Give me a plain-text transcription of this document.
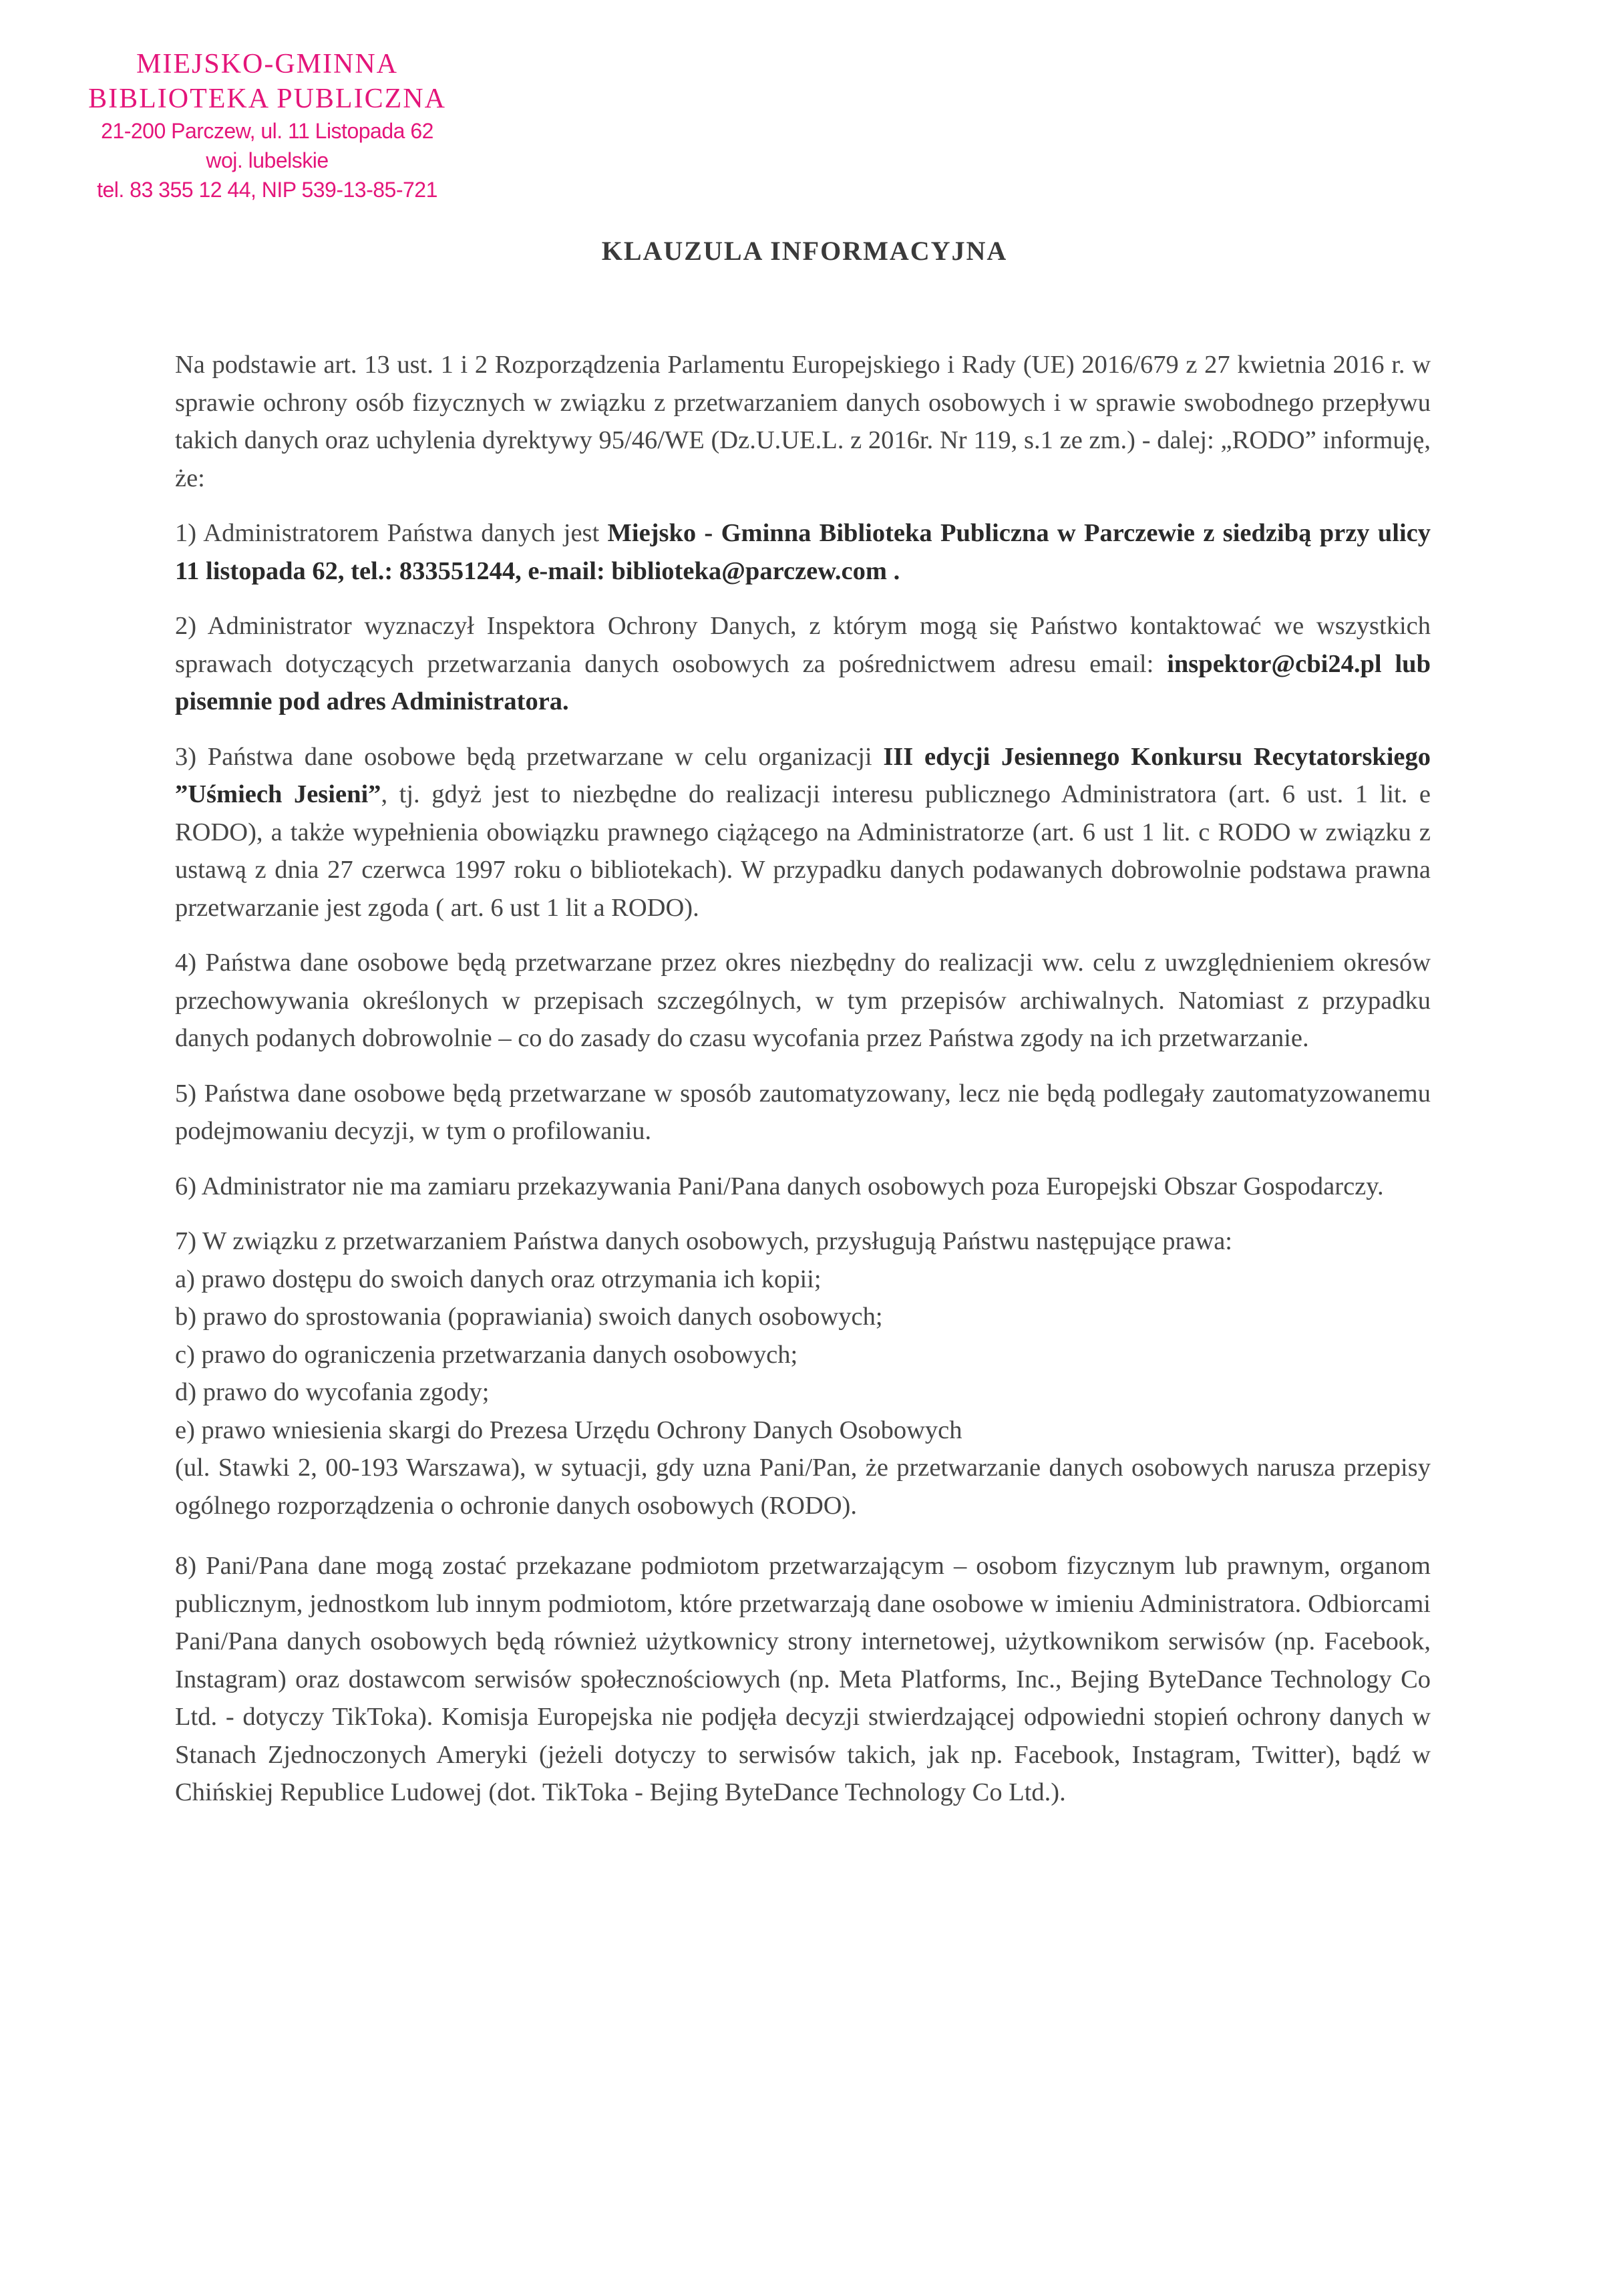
MIEJSKO-GMINNA

BIBLIOTEKA PUBLICZNA

21-200 Parczew, ul. 11 Listopada 62

woj. lubelskie

tel. 83 355 12 44, NIP 539-13-85-721

KLAUZULA INFORMACYJNA

Na podstawie art. 13 ust. 1 i 2 Rozporządzenia Parlamentu Europejskiego i Rady (UE) 2016/679 z 27 kwietnia 2016 r. w sprawie ochrony osób fizycznych w związku z przetwarzaniem danych osobowych i w sprawie swobodnego przepływu takich danych oraz uchylenia dyrektywy 95/46/WE (Dz.U.UE.L. z 2016r. Nr 119, s.1 ze zm.) - dalej: „RODO” informuję, że:

1) Administratorem Państwa danych jest Miejsko - Gminna Biblioteka Publiczna w Parczewie z siedzibą przy ulicy 11 listopada 62, tel.: 833551244, e-mail: biblioteka@parczew.com .

2) Administrator wyznaczył Inspektora Ochrony Danych, z którym mogą się Państwo kontaktować we wszystkich sprawach dotyczących przetwarzania danych osobowych za pośrednictwem adresu email: inspektor@cbi24.pl lub pisemnie pod adres Administratora.

3) Państwa dane osobowe będą przetwarzane w celu organizacji III edycji Jesiennego Konkursu Recytatorskiego ”Uśmiech Jesieni”, tj. gdyż jest to niezbędne do realizacji interesu publicznego Administratora (art. 6 ust. 1 lit. e RODO), a także wypełnienia obowiązku prawnego ciążącego na Administratorze (art. 6 ust 1 lit. c RODO w związku z ustawą z dnia 27 czerwca 1997 roku o bibliotekach). W przypadku danych podawanych dobrowolnie podstawa prawna przetwarzanie jest zgoda ( art. 6 ust 1 lit a RODO).

4) Państwa dane osobowe będą przetwarzane przez okres niezbędny do realizacji ww. celu z uwzględnieniem okresów przechowywania określonych w przepisach szczególnych, w tym przepisów archiwalnych. Natomiast z przypadku danych podanych dobrowolnie – co do zasady do czasu wycofania przez Państwa zgody na ich przetwarzanie.

5) Państwa dane osobowe będą przetwarzane w sposób zautomatyzowany, lecz nie będą podlegały zautomatyzowanemu podejmowaniu decyzji, w tym o profilowaniu.

6) Administrator nie ma zamiaru przekazywania Pani/Pana danych osobowych poza Europejski Obszar Gospodarczy.

7) W związku z przetwarzaniem Państwa danych osobowych, przysługują Państwu następujące prawa:
a) prawo dostępu do swoich danych oraz otrzymania ich kopii;
b) prawo do sprostowania (poprawiania) swoich danych osobowych;
c) prawo do ograniczenia przetwarzania danych osobowych;
d) prawo do wycofania zgody;
e) prawo wniesienia skargi do Prezesa Urzędu Ochrony Danych Osobowych
(ul. Stawki 2, 00-193 Warszawa), w sytuacji, gdy uzna Pani/Pan, że przetwarzanie danych osobowych narusza przepisy ogólnego rozporządzenia o ochronie danych osobowych (RODO).

8) Pani/Pana dane mogą zostać przekazane podmiotom przetwarzającym – osobom fizycznym lub prawnym, organom publicznym, jednostkom lub innym podmiotom, które przetwarzają dane osobowe w imieniu Administratora. Odbiorcami Pani/Pana danych osobowych będą również użytkownicy strony internetowej, użytkownikom serwisów (np. Facebook, Instagram) oraz dostawcom serwisów społecznościowych (np. Meta Platforms, Inc., Bejing ByteDance Technology Co Ltd. - dotyczy TikToka). Komisja Europejska nie podjęła decyzji stwierdzającej odpowiedni stopień ochrony danych w Stanach Zjednoczonych Ameryki (jeżeli dotyczy to serwisów takich, jak np. Facebook, Instagram, Twitter), bądź w Chińskiej Republice Ludowej (dot. TikToka - Bejing ByteDance Technology Co Ltd.).
